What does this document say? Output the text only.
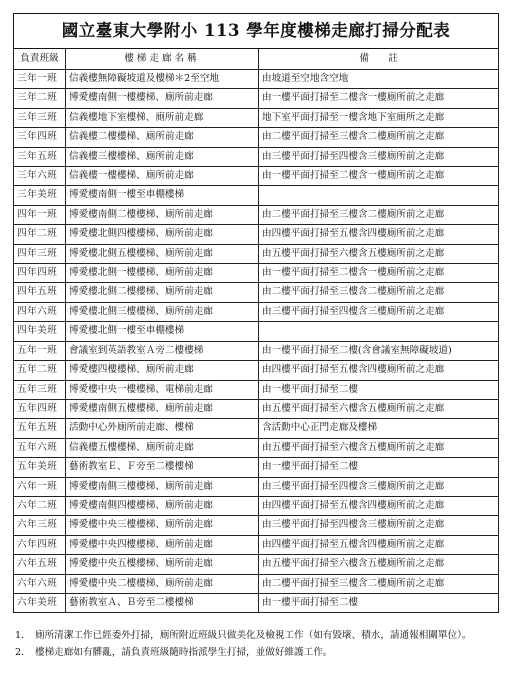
國立臺東大學附小 113 學年度樓梯走廊打掃分配表		
負責班級	樓梯走廊名稱	備　　註
三年一班	信義樓無障礙坡道及樓梯＊2至空地	由坡道至空地含空地
三年二班	博愛樓南側一樓樓梯、廁所前走廊	由一樓平面打掃至二樓含一樓廁所前之走廊
三年三班	信義樓地下室樓梯、廁所前走廊	地下室平面打掃至一樓含地下室廁所之走廊
三年四班	信義樓二樓樓梯、廁所前走廊	由二樓平面打掃至三樓含二樓廁所前之走廊
三年五班	信義樓三樓樓梯、廁所前走廊	由三樓平面打掃至四樓含三樓廁所前之走廊
三年六班	信義樓一樓樓梯、廁所前走廊	由一樓平面打掃至二樓含一樓廁所前之走廊
三年美班	博愛樓南側一樓至車棚樓梯	
四年一班	博愛樓南側二樓樓梯、廁所前走廊	由二樓平面打掃至三樓含二樓廁所前之走廊
四年二班	博愛樓北側四樓樓梯、廁所前走廊	由四樓平面打掃至五樓含四樓廁所前之走廊
四年三班	博愛樓北側五樓樓梯、廁所前走廊	由五樓平面打掃至六樓含五樓廁所前之走廊
四年四班	博愛樓北側一樓樓梯、廁所前走廊	由一樓平面打掃至二樓含一樓廁所前之走廊
四年五班	博愛樓北側二樓樓梯、廁所前走廊	由二樓平面打掃至三樓含二樓廁所前之走廊
四年六班	博愛樓北側三樓樓梯、廁所前走廊	由三樓平面打掃至四樓含三樓廁所前之走廊
四年美班	博愛樓北側一樓至車棚樓梯	
五年一班	會議室到英語教室Ａ旁二樓樓梯	由一樓平面打掃至二樓(含會議室無障礙坡道)
五年二班	博愛樓四樓樓梯、廁所前走廊	由四樓平面打掃至五樓含四樓廁所前之走廊
五年三班	博愛樓中央一樓樓梯、電梯前走廊	由一樓平面打掃至二樓
五年四班	博愛樓南側五樓樓梯、廁所前走廊	由五樓平面打掃至六樓含五樓廁所前之走廊
五年五班	活動中心外廁所前走廊、樓梯	含活動中心正門走廊及樓梯
五年六班	信義樓五樓樓梯、廁所前走廊	由五樓平面打掃至六樓含五樓廁所前之走廊
五年美班	藝術教室Ｅ、Ｆ旁至二樓樓梯	由一樓平面打掃至二樓
六年一班	博愛樓南側三樓樓梯、廁所前走廊	由三樓平面打掃至四樓含三樓廁所前之走廊
六年二班	博愛樓南側四樓樓梯、廁所前走廊	由四樓平面打掃至五樓含四樓廁所前之走廊
六年三班	博愛樓中央三樓樓梯、廁所前走廊	由三樓平面打掃至四樓含三樓廁所前之走廊
六年四班	博愛樓中央四樓樓梯、廁所前走廊	由四樓平面打掃至五樓含四樓廁所前之走廊
六年五班	博愛樓中央五樓樓梯、廁所前走廊	由五樓平面打掃至六樓含五樓廁所前之走廊
六年六班	博愛樓中央二樓樓梯、廁所前走廊	由二樓平面打掃至三樓含二樓廁所前之走廊
六年美班	藝術教室Ａ、Ｂ旁至二樓樓梯	由一樓平面打掃至二樓
1.	廁所清潔工作已經委外打掃，廁所附近班級只做美化及檢視工作（如有毀壞、積水，請通報相關單位）。
2.	樓梯走廊如有髒亂，請負責班級隨時指派學生打掃，並做好維護工作。
